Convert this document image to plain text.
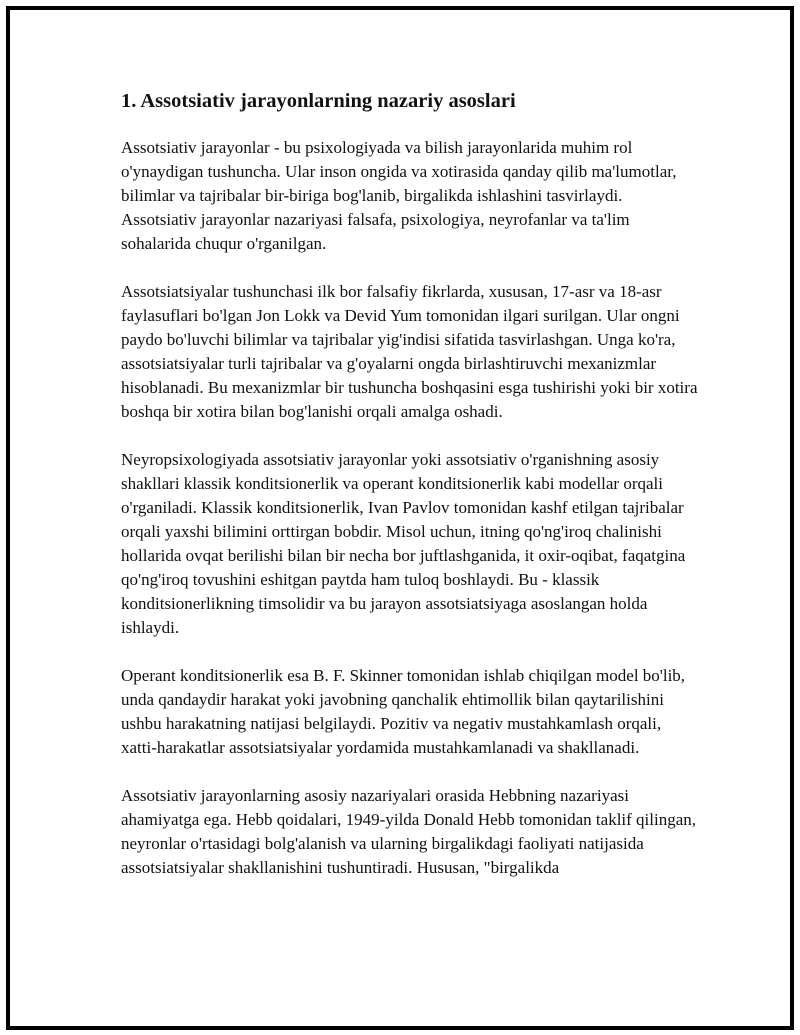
1. Assotsiativ jarayonlarning nazariy asoslari

Assotsiativ jarayonlar - bu psixologiyada va bilish jarayonlarida muhim rol o'ynaydigan tushuncha. Ular inson ongida va xotirasida qanday qilib ma'lumotlar, bilimlar va tajribalar bir-biriga bog'lanib, birgalikda ishlashini tasvirlaydi. Assotsiativ jarayonlar nazariyasi falsafa, psixologiya, neyrofanlar va ta'lim sohalarida chuqur o'rganilgan.

Assotsiatsiyalar tushunchasi ilk bor falsafiy fikrlarda, xususan, 17-asr va 18-asr faylasuflari bo'lgan Jon Lokk va Devid Yum tomonidan ilgari surilgan. Ular ongni paydo bo'luvchi bilimlar va tajribalar yig'indisi sifatida tasvirlashgan. Unga ko'ra, assotsiatsiyalar turli tajribalar va g'oyalarni ongda birlashtiruvchi mexanizmlar hisoblanadi. Bu mexanizmlar bir tushuncha boshqasini esga tushirishi yoki bir xotira boshqa bir xotira bilan bog'lanishi orqali amalga oshadi.

Neyropsixologiyada assotsiativ jarayonlar yoki assotsiativ o'rganishning asosiy shakllari klassik konditsionerlik va operant konditsionerlik kabi modellar orqali o'rganiladi. Klassik konditsionerlik, Ivan Pavlov tomonidan kashf etilgan tajribalar orqali yaxshi bilimini orttirgan bobdir. Misol uchun, itning qo'ng'iroq chalinishi hollarida ovqat berilishi bilan bir necha bor juftlashganida, it oxir-oqibat, faqatgina qo'ng'iroq tovushini eshitgan paytda ham tuloq boshlaydi. Bu - klassik konditsionerlikning timsolidir va bu jarayon assotsiatsiyaga asoslangan holda ishlaydi.

Operant konditsionerlik esa B. F. Skinner tomonidan ishlab chiqilgan model bo'lib, unda qandaydir harakat yoki javobning qanchalik ehtimollik bilan qaytarilishini ushbu harakatning natijasi belgilaydi. Pozitiv va negativ mustahkamlash orqali, xatti-harakatlar assotsiatsiyalar yordamida mustahkamlanadi va shakllanadi.

Assotsiativ jarayonlarning asosiy nazariyalari orasida Hebbning nazariyasi ahamiyatga ega. Hebb qoidalari, 1949-yilda Donald Hebb tomonidan taklif qilingan, neyronlar o'rtasidagi bolg'alanish va ularning birgalikdagi faoliyati natijasida assotsiatsiyalar shakllanishini tushuntiradi. Hususan, "birgalikda
